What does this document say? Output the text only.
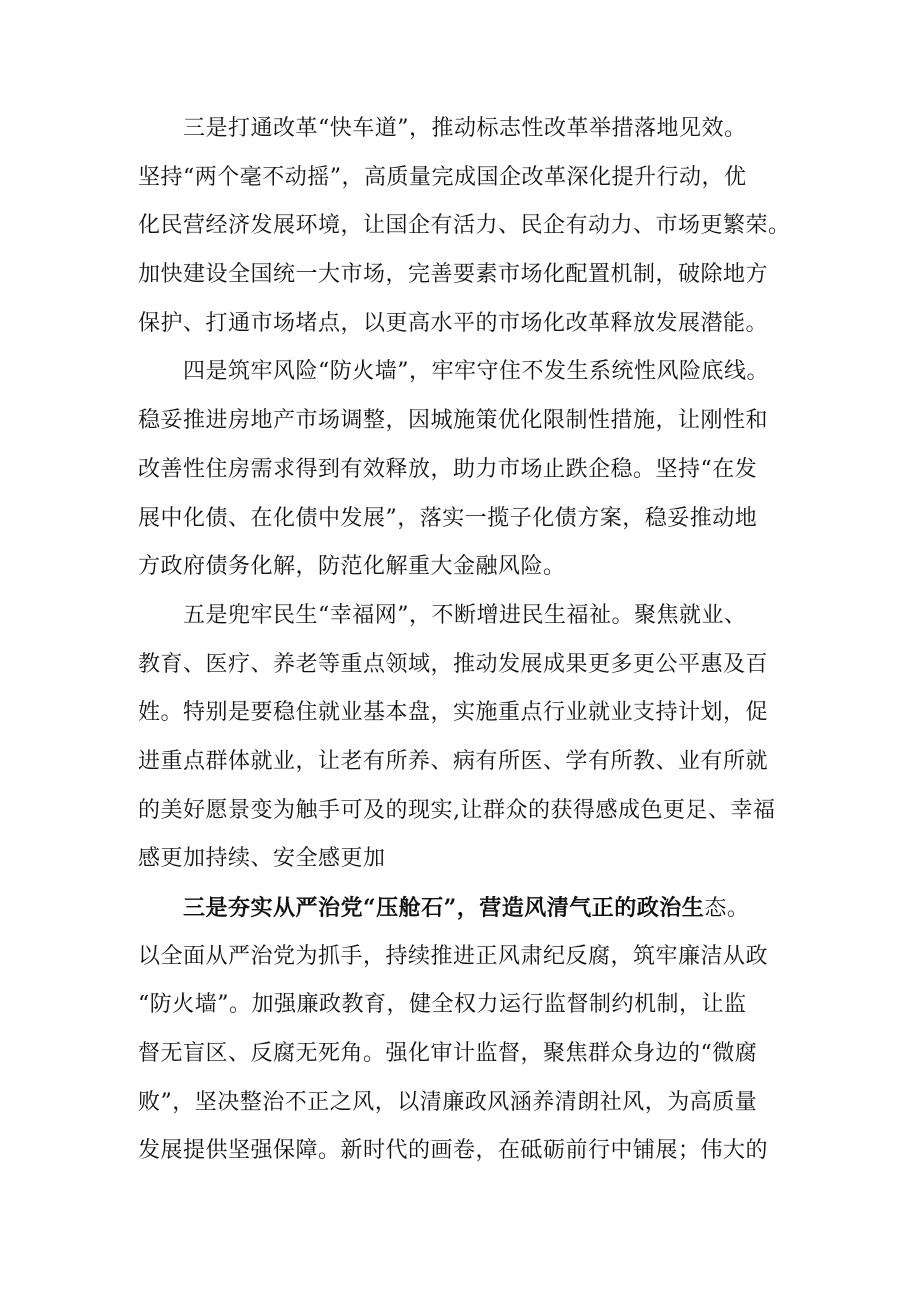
三是打通改革“快车道”，推动标志性改革举措落地见效。
坚持“两个毫不动摇”，高质量完成国企改革深化提升行动，优
化民营经济发展环境，让国企有活力、民企有动力、市场更繁荣。
加快建设全国统一大市场，完善要素市场化配置机制，破除地方
保护、打通市场堵点，以更高水平的市场化改革释放发展潜能。
四是筑牢风险“防火墙”，牢牢守住不发生系统性风险底线。
稳妥推进房地产市场调整，因城施策优化限制性措施，让刚性和
改善性住房需求得到有效释放，助力市场止跌企稳。坚持“在发
展中化债、在化债中发展”，落实一揽子化债方案，稳妥推动地
方政府债务化解，防范化解重大金融风险。
五是兜牢民生“幸福网”，不断增进民生福祉。聚焦就业、
教育、医疗、养老等重点领域，推动发展成果更多更公平惠及百
姓。特别是要稳住就业基本盘，实施重点行业就业支持计划，促
进重点群体就业，让老有所养、病有所医、学有所教、业有所就
的美好愿景变为触手可及的现实,让群众的获得感成色更足、幸福
感更加持续、安全感更加
三是夯实从严治党“压舱石”，营造风清气正的政治生态。
以全面从严治党为抓手，持续推进正风肃纪反腐，筑牢廉洁从政
“防火墙”。加强廉政教育，健全权力运行监督制约机制，让监
督无盲区、反腐无死角。强化审计监督，聚焦群众身边的“微腐
败”，坚决整治不正之风，以清廉政风涵养清朗社风，为高质量
发展提供坚强保障。新时代的画卷，在砥砺前行中铺展；伟大的
